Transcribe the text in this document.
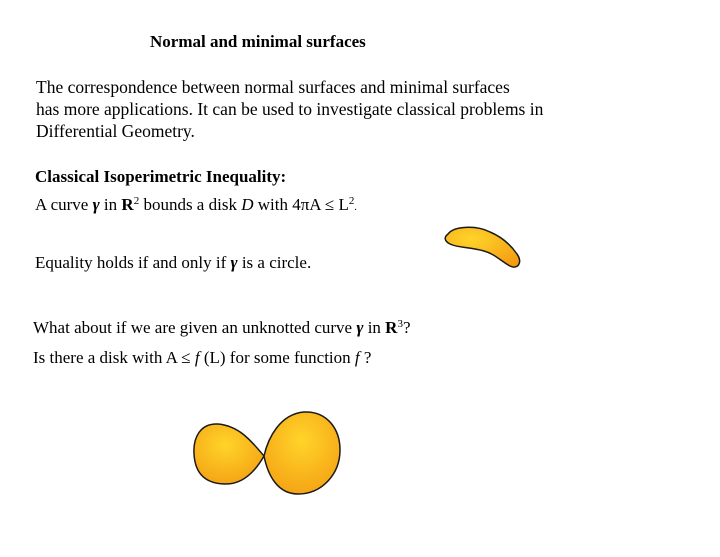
Normal and minimal surfaces
The correspondence between normal surfaces and minimal surfaces
has more applications. It can be used to investigate classical problems in
Differential Geometry.
Classical Isoperimetric Inequality:
A curve γ in $R^2$ bounds a disk D with $4\pi A \le L^2$.
Equality holds if and only if γ is a circle.
What about if we are given an unknotted curve γ in $R^3$?
Is there a disk with A ≤ f (L) for some function f ?
